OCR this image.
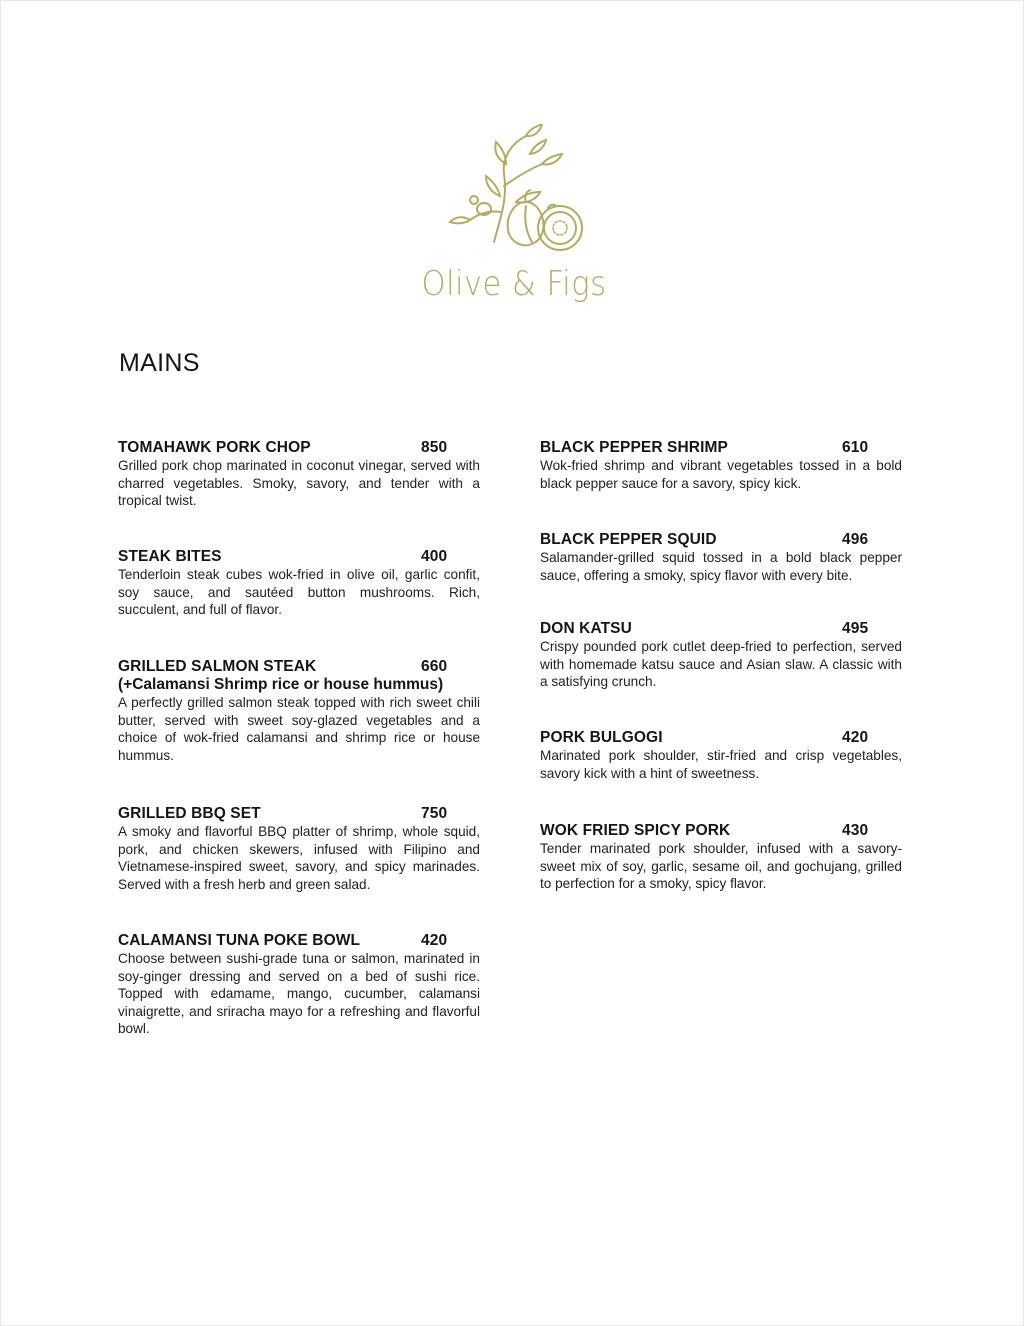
Olive & Figs
MAINS
TOMAHAWK PORK CHOP	850

Grilled pork chop marinated in coconut vinegar, served with charred vegetables. Smoky, savory, and tender with a tropical twist.

STEAK BITES	400

Tenderloin steak cubes wok-fried in olive oil, garlic confit, soy sauce, and sautéed button mushrooms. Rich, succulent, and full of flavor.

GRILLED SALMON STEAK	660

(+Calamansi Shrimp rice or house hummus)

A perfectly grilled salmon steak topped with rich sweet chili butter, served with sweet soy-glazed vegetables and a choice of wok-fried calamansi and shrimp rice or house hummus.

GRILLED BBQ SET	750

A smoky and flavorful BBQ platter of shrimp, whole squid, pork, and chicken skewers, infused with Filipino and Vietnamese-inspired sweet, savory, and spicy marinades. Served with a fresh herb and green salad.

CALAMANSI TUNA POKE BOWL	420

Choose between sushi-grade tuna or salmon, marinated in soy-ginger dressing and served on a bed of sushi rice. Topped with edamame, mango, cucumber, calamansi vinaigrette, and sriracha mayo for a refreshing and flavorful bowl.

BLACK PEPPER SHRIMP	610

Wok-fried shrimp and vibrant vegetables tossed in a bold black pepper sauce for a savory, spicy kick.

BLACK PEPPER SQUID	496

Salamander-grilled squid tossed in a bold black pepper sauce, offering a smoky, spicy flavor with every bite.

DON KATSU	495

Crispy pounded pork cutlet deep-fried to perfection, served with homemade katsu sauce and Asian slaw. A classic with a satisfying crunch.

PORK BULGOGI	420

Marinated pork shoulder, stir-fried and crisp vegetables, savory kick with a hint of sweetness.

WOK FRIED SPICY PORK	430

Tender marinated pork shoulder, infused with a savory-sweet mix of soy, garlic, sesame oil, and gochujang, grilled to perfection for a smoky, spicy flavor.
